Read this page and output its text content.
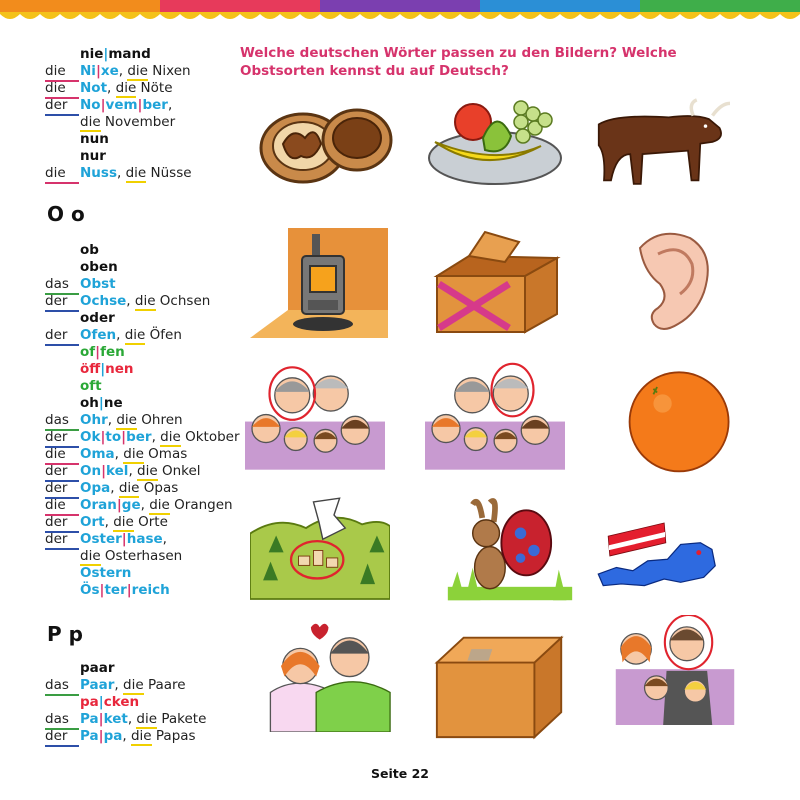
nie|mand
die	Ni|xe, die Nixen
die	Not, die Nöte
der No|vem|ber,
die November
nun
nur
die	Nuss, die Nüsse
O o
ob
oben
das Obst
der Ochse, die Ochsen
oder
der Ofen, die Öfen
of|fen
öff|nen
oft
oh|ne
das Ohr, die Ohren
der Ok|to|ber, die Oktober
die	Oma, die Omas
der On|kel, die Onkel
der Opa, die Opas
die	Oran|ge, die Orangen
der Ort, die Orte
der Oster|hase,
die Osterhasen
Ostern
Ös|ter|reich
P p
paar
das Paar, die Paare
pa|cken
das Pa|ket, die Pakete
der Pa|pa, die Papas
Welche deutschen Wörter passen zu den Bildern? Welche Obstsorten kennst du auf Deutsch?
Seite 22
